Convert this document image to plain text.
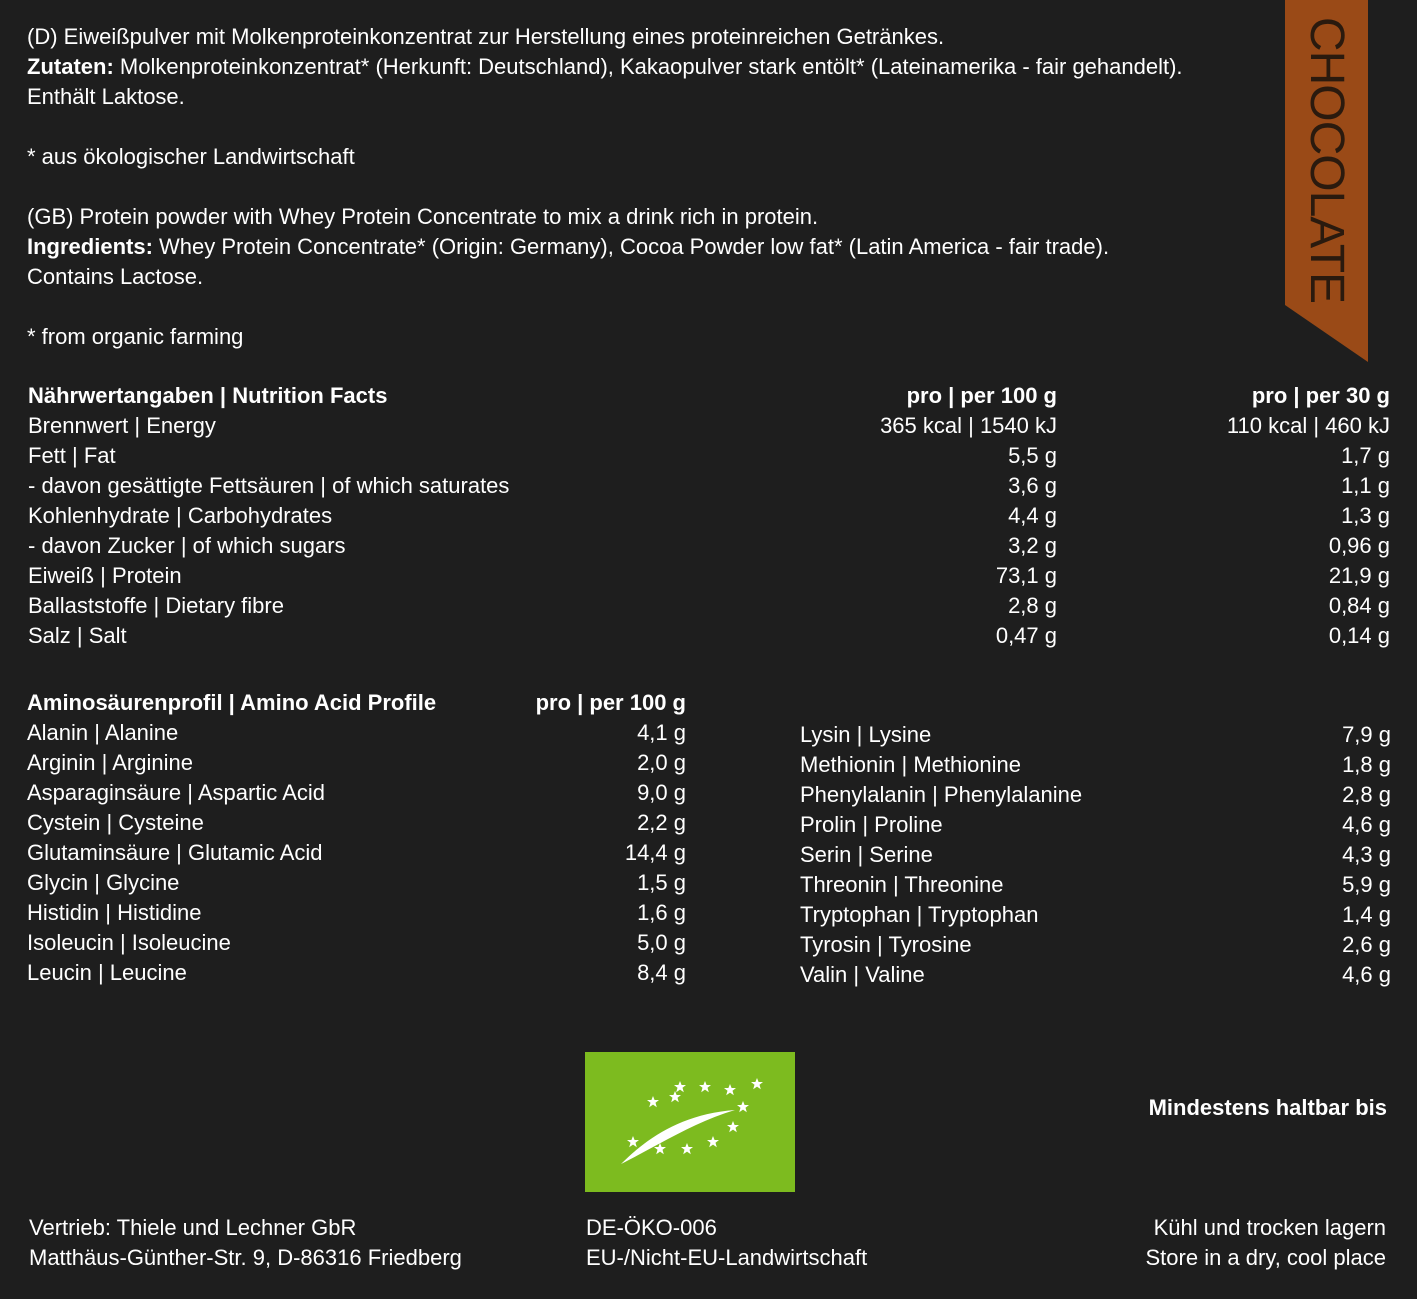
(D) Eiweißpulver mit Molkenproteinkonzentrat zur Herstellung eines proteinreichen Getränkes.

Zutaten: Molkenproteinkonzentrat* (Herkunft: Deutschland), Kakaopulver stark entölt* (Lateinamerika - fair gehandelt).

Enthält Laktose.

* aus ökologischer Landwirtschaft

(GB) Protein powder with Whey Protein Concentrate to mix a drink rich in protein.

Ingredients: Whey Protein Concentrate* (Origin: Germany), Cocoa Powder low fat* (Latin America - fair trade).

Contains Lactose.

* from organic farming

CHOCOLATE
Nährwertangaben | Nutrition Facts	pro | per 100 g	pro | per 30 g
Brennwert | Energy	365 kcal | 1540 kJ	110 kcal | 460 kJ
Fett | Fat	5,5 g	1,7 g
- davon gesättigte Fettsäuren | of which saturates	3,6 g	1,1 g
Kohlenhydrate | Carbohydrates	4,4 g	1,3 g
- davon Zucker | of which sugars	3,2 g	0,96 g
Eiweiß | Protein	73,1 g	21,9 g
Ballaststoffe | Dietary fibre	2,8 g	0,84 g
Salz | Salt	0,47 g	0,14 g
Aminosäurenprofil | Amino Acid Profile	pro | per 100 g
Alanin | Alanine	4,1 g
Arginin | Arginine	2,0 g
Asparaginsäure | Aspartic Acid	9,0 g
Cystein | Cysteine	2,2 g
Glutaminsäure | Glutamic Acid	14,4 g
Glycin | Glycine	1,5 g
Histidin | Histidine	1,6 g
Isoleucin | Isoleucine	5,0 g
Leucin | Leucine	8,4 g
Lysin | Lysine	7,9 g
Methionin | Methionine	1,8 g
Phenylalanin | Phenylalanine	2,8 g
Prolin | Proline	4,6 g
Serin | Serine	4,3 g
Threonin | Threonine	5,9 g
Tryptophan | Tryptophan	1,4 g
Tyrosin | Tyrosine	2,6 g
Valin | Valine	4,6 g
Mindestens haltbar bis
Vertrieb: Thiele und Lechner GbR
Matthäus-Günther-Str. 9, D-86316 Friedberg
DE-ÖKO-006
EU-/Nicht-EU-Landwirtschaft
Kühl und trocken lagern
Store in a dry, cool place
